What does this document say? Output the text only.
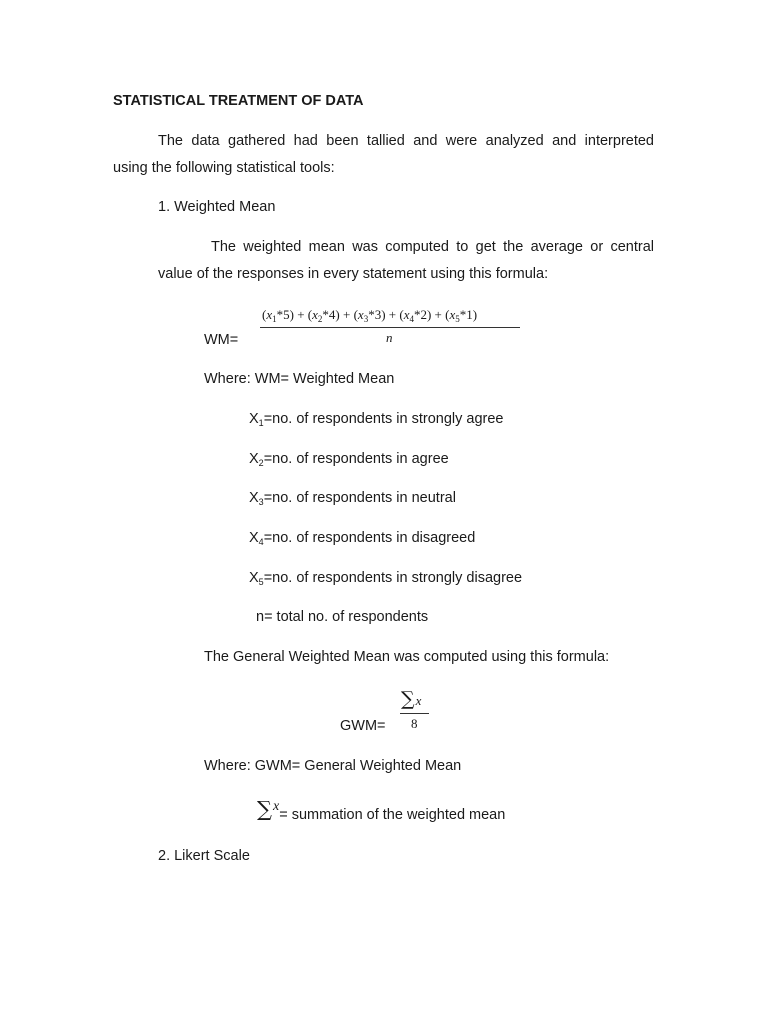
STATISTICAL TREATMENT OF DATA
The data gathered had been tallied and were analyzed and interpreted
using the following statistical tools:
1. Weighted Mean
The weighted mean was computed to get the average or central
value of the responses in every statement using this formula:
$(x_1*5) + (x_2*4) + (x_3*3) + (x_4*2) + (x_5*1)$
n
WM=
Where: WM= Weighted Mean
$X_1=no$. of respondents in strongly agree
$X_2=no$. of respondents in agree
$X_3=no$. of respondents in neutral
$X_4=no$. of respondents in disagreed
$X_5=no$. of respondents in strongly disagree
n= total no. of respondents
The General Weighted Mean was computed using this formula:
∑x
8
GWM=
Where: GWM= General Weighted Mean
∑x= summation of the weighted mean
2. Likert Scale
